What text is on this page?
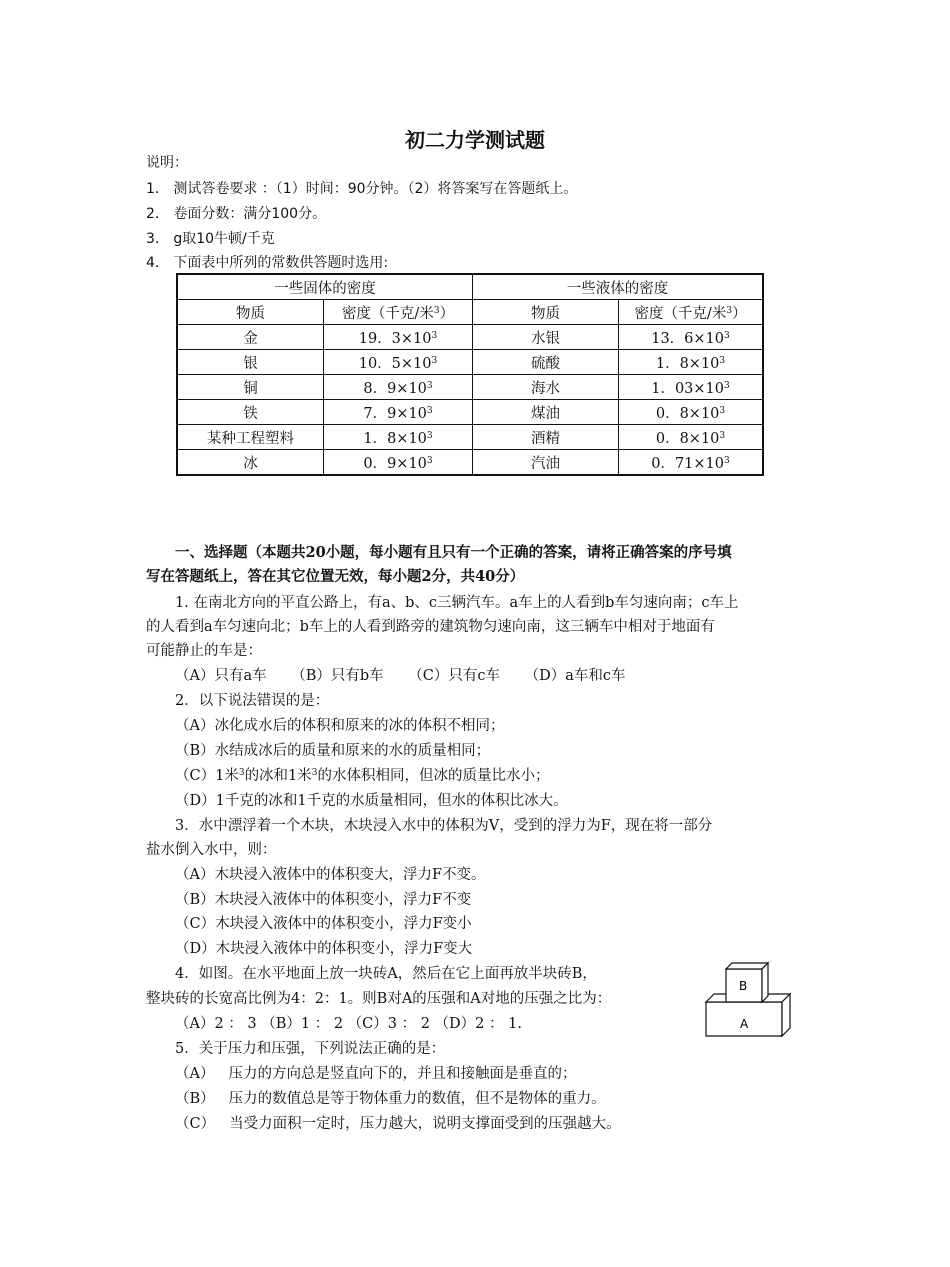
初二力学测试题
说明：
1． 测试答卷要求 ：（1）时间：90分钟。（2）将答案写在答题纸上。
2． 卷面分数：满分100分。
3． g取10牛顿/千克
4． 下面表中所列的常数供答题时选用:
一些固体的密度		一些液体的密度	
物质	密度（千克/米$^3$）	物质	密度（千克/米$^3$）
金	19．$3\times 10^3$	水银	13．$6\times 10^3$
银	10．$5\times 10^3$	硫酸	1．$8\times 10^3$
铜	8．$9\times 10^3$	海水	1．$03\times 10^3$
铁	7．$9\times 10^3$	煤油	0．$8\times 10^3$
某种工程塑料	1．$8\times 10^3$	酒精	0．$8\times 10^3$
冰	0．$9\times 10^3$	汽油	0．$71\times 10^3$
一、选择题（本题共20小题，每小题有且只有一个正确的答案，请将正确答案的序号填
写在答题纸上，答在其它位置无效，每小题2分，共40分）
1. 在南北方向的平直公路上，有a、b、c三辆汽车。a车上的人看到b车匀速向南；c车上
的人看到a车匀速向北；b车上的人看到路旁的建筑物匀速向南，这三辆车中相对于地面有
可能静止的车是：
（A）只有a车 （B）只有b车 （C）只有c车 （D）a车和c车
2．以下说法错误的是：
（A）冰化成水后的体积和原来的冰的体积不相同；
（B）水结成冰后的质量和原来的水的质量相同；
（C）1米$^3$的冰和1米$^3$的水体积相同，但冰的质量比水小；
（D）1千克的冰和1千克的水质量相同，但水的体积比冰大。
3．水中漂浮着一个木块，木块浸入水中的体积为V，受到的浮力为F，现在将一部分
盐水倒入水中，则：
（A）木块浸入液体中的体积变大，浮力F不变。
（B）木块浸入液体中的体积变小，浮力F不变
（C）木块浸入液体中的体积变小，浮力F变小
（D）木块浸入液体中的体积变小，浮力F变大
4．如图。在水平地面上放一块砖A，然后在它上面再放半块砖B，
整块砖的长宽高比例为4：2：1。则B对A的压强和A对地的压强之比为：
（A）2 ： 3 （B）1 ： 2 （C）3 ： 2 （D）2 ： 1.
B
A
5．关于压力和压强，下列说法正确的是：
（A） 压力的方向总是竖直向下的，并且和接触面是垂直的；
（B） 压力的数值总是等于物体重力的数值，但不是物体的重力。
（C） 当受力面积一定时，压力越大，说明支撑面受到的压强越大。
